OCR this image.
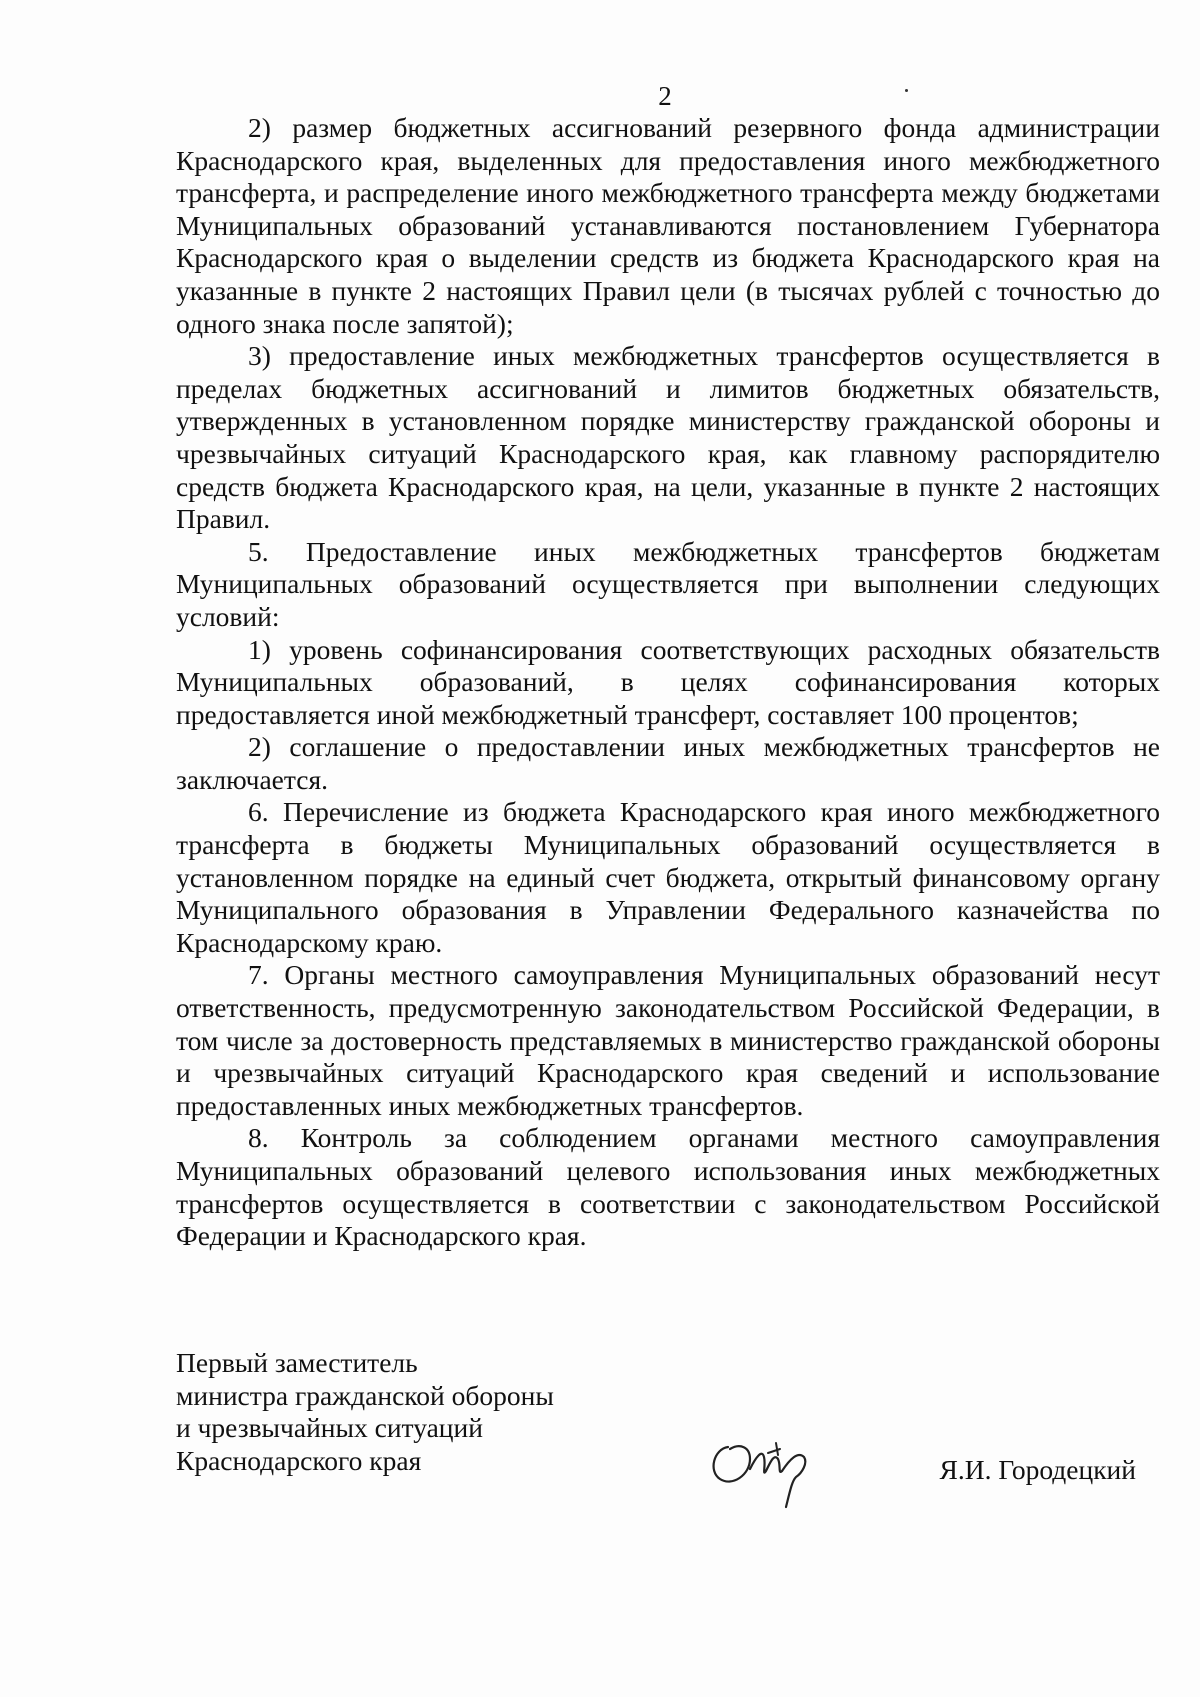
2

2) размер бюджетных ассигнований резервного фонда администрации Краснодарского края, выделенных для предоставления иного межбюджетного трансферта, и распределение иного межбюджетного трансферта между бюджетами Муниципальных образований устанавливаются постановлением Губернатора Краснодарского края о выделении средств из бюджета Краснодарского края на указанные в пункте 2 настоящих Правил цели (в тысячах рублей с точностью до одного знака после запятой);

3) предоставление иных межбюджетных трансфертов осуществляется в пределах бюджетных ассигнований и лимитов бюджетных обязательств, утвержденных в установленном порядке министерству гражданской обороны и чрезвычайных ситуаций Краснодарского края, как главному распорядителю средств бюджета Краснодарского края, на цели, указанные в пункте 2 настоящих Правил.

5. Предоставление иных межбюджетных трансфертов бюджетам Муниципальных образований осуществляется при выполнении следующих условий:

1) уровень софинансирования соответствующих расходных обязательств Муниципальных образований, в целях софинансирования которых предоставляется иной межбюджетный трансферт, составляет 100 процентов;

2) соглашение о предоставлении иных межбюджетных трансфертов не заключается.

6. Перечисление из бюджета Краснодарского края иного межбюджетного трансферта в бюджеты Муниципальных образований осуществляется в установленном порядке на единый счет бюджета, открытый финансовому органу Муниципального образования в Управлении Федерального казначейства по Краснодарскому краю.

7. Органы местного самоуправления Муниципальных образований несут ответственность, предусмотренную законодательством Российской Федерации, в том числе за достоверность представляемых в министерство гражданской обороны и чрезвычайных ситуаций Краснодарского края сведений и использование предоставленных иных межбюджетных трансфертов.

8. Контроль за соблюдением органами местного самоуправления Муниципальных образований целевого использования иных межбюджетных трансфертов осуществляется в соответствии с законодательством Российской Федерации и Краснодарского края.

Первый заместитель
министра гражданской обороны
и чрезвычайных ситуаций
Краснодарского края	Я.И. Городецкий
